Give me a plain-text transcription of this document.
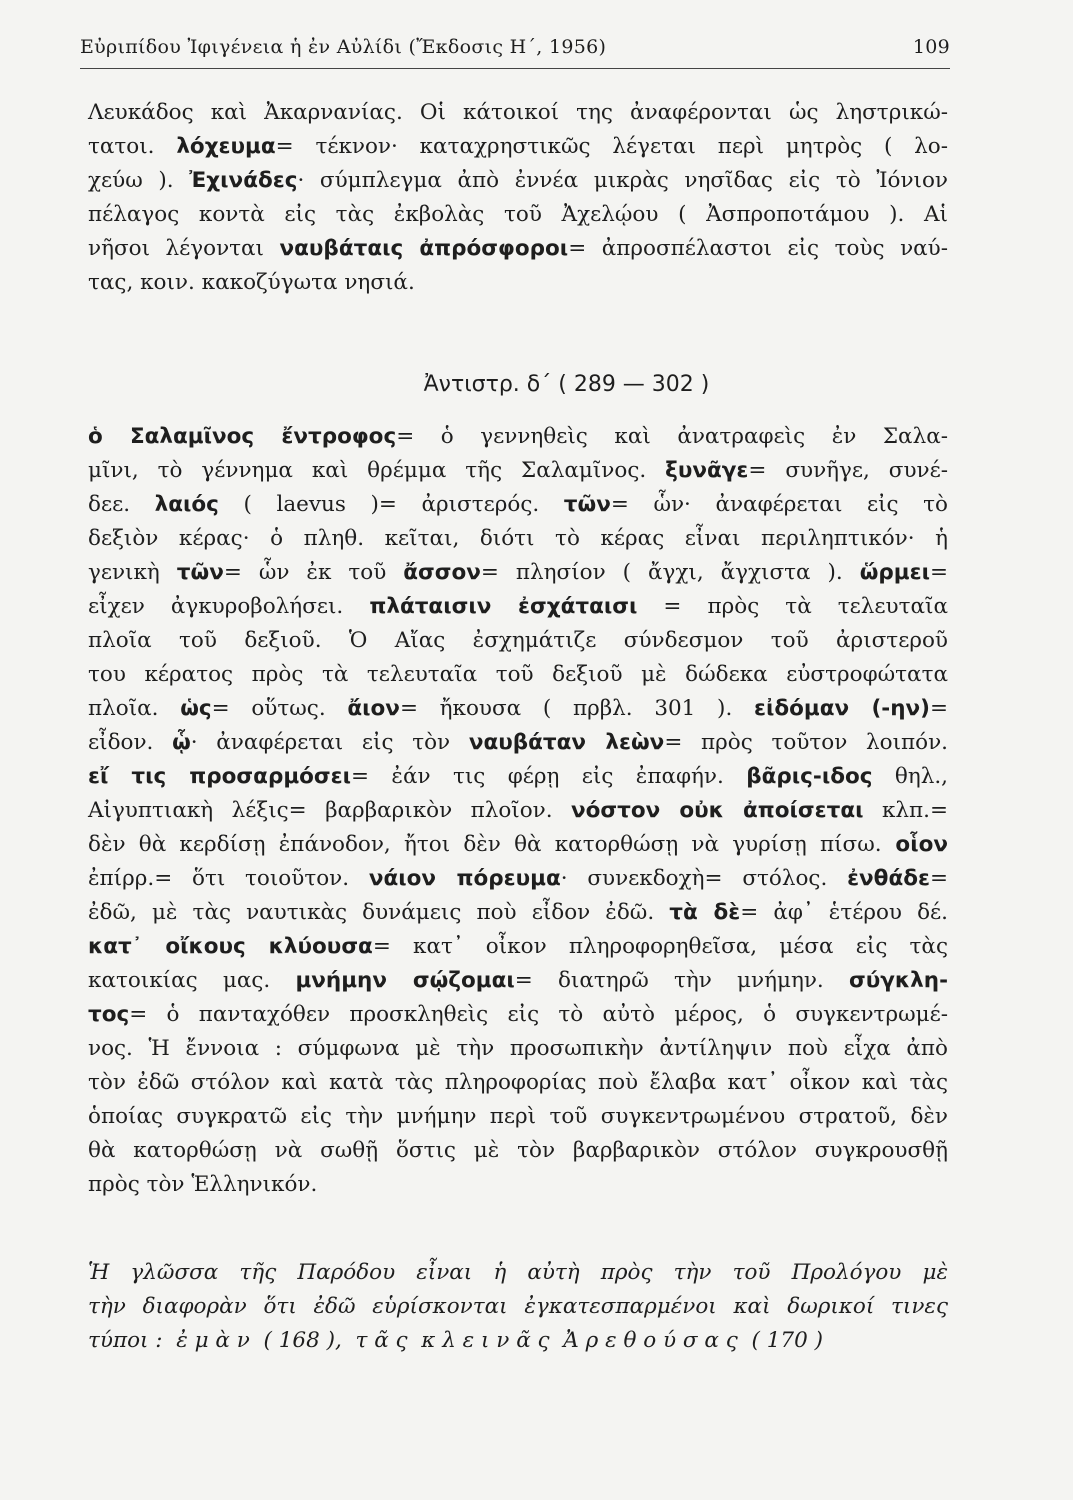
Εὐριπίδου Ἰφιγένεια ἡ ἐν Αὐλίδι (Ἔκδοσις Η΄, 1956)	109
Λευκάδος καὶ Ἀκαρνανίας. Οἱ κάτοικοί της ἀναφέρονται ὡς ληστρικώ-
τατοι. λόχευμα= τέκνον· καταχρηστικῶς λέγεται περὶ μητρὸς ( λο-
χεύω ). Ἐχινάδες· σύμπλεγμα ἀπὸ ἐννέα μικρὰς νησῖδας εἰς τὸ Ἰόνιον
πέλαγος κοντὰ εἰς τὰς ἐκβολὰς τοῦ Ἀχελῴου ( Ἀσπροποτάμου ). Αἱ
νῆσοι λέγονται ναυβάταις ἀπρόσφοροι= ἀπροσπέλαστοι εἰς τοὺς ναύ-
τας, κοιν. κακοζύγωτα νησιά.
Ἀντιστρ. δ΄ ( 289 — 302 )
ὁ Σαλαμῖνος ἔντροφος= ὁ γεννηθεὶς καὶ ἀνατραφεὶς ἐν Σαλα-
μῖνι, τὸ γέννημα καὶ θρέμμα τῆς Σαλαμῖνος. ξυνᾶγε= συνῆγε, συνέ-
δεε. λαιός ( laevus )= ἀριστερός. τῶν= ὧν· ἀναφέρεται εἰς τὸ
δεξιὸν κέρας· ὁ πληθ. κεῖται, διότι τὸ κέρας εἶναι περιληπτικόν· ἡ
γενικὴ τῶν= ὧν ἐκ τοῦ ἄσσον= πλησίον ( ἄγχι, ἄγχιστα ). ὥρμει=
εἶχεν ἀγκυροβολήσει. πλάταισιν ἐσχάταισι = πρὸς τὰ τελευταῖα
πλοῖα τοῦ δεξιοῦ. Ὁ Αἴας ἐσχημάτιζε σύνδεσμον τοῦ ἀριστεροῦ
του κέρατος πρὸς τὰ τελευταῖα τοῦ δεξιοῦ μὲ δώδεκα εὐστροφώτατα
πλοῖα. ὡς= οὕτως. ἄιον= ἤκουσα ( πρβλ. 301 ). εἰδόμαν (-ην)=
εἶδον. ᾧ· ἀναφέρεται εἰς τὸν ναυβάταν λεὼν= πρὸς τοῦτον λοιπόν.
εἴ τις προσαρμόσει= ἐάν τις φέρῃ εἰς ἐπαφήν. βᾶρις-ιδος θηλ.,
Αἰγυπτιακὴ λέξις= βαρβαρικὸν πλοῖον. νόστον οὐκ ἀποίσεται κλπ.=
δὲν θὰ κερδίσῃ ἐπάνοδον, ἤτοι δὲν θὰ κατορθώσῃ νὰ γυρίσῃ πίσω. οἷον
ἐπίρρ.= ὅτι τοιοῦτον. νάιον πόρευμα· συνεκδοχὴ= στόλος. ἐνθάδε=
ἐδῶ, μὲ τὰς ναυτικὰς δυνάμεις ποὺ εἶδον ἐδῶ. τὰ δὲ= ἀφ᾽ ἑτέρου δέ.
κατ᾽ οἴκους κλύουσα= κατ᾽ οἶκον πληροφορηθεῖσα, μέσα εἰς τὰς
κατοικίας μας. μνήμην σῴζομαι= διατηρῶ τὴν μνήμην. σύγκλη-
τος= ὁ πανταχόθεν προσκληθεὶς εἰς τὸ αὐτὸ μέρος, ὁ συγκεντρωμέ-
νος. Ἡ ἔννοια : σύμφωνα μὲ τὴν προσωπικὴν ἀντίληψιν ποὺ εἶχα ἀπὸ
τὸν ἐδῶ στόλον καὶ κατὰ τὰς πληροφορίας ποὺ ἔλαβα κατ᾽ οἶκον καὶ τὰς
ὁποίας συγκρατῶ εἰς τὴν μνήμην περὶ τοῦ συγκεντρωμένου στρατοῦ, δὲν
θὰ κατορθώσῃ νὰ σωθῇ ὅστις μὲ τὸν βαρβαρικὸν στόλον συγκρουσθῇ
πρὸς τὸν Ἑλληνικόν.
Ἡ γλῶσσα τῆς Παρόδου εἶναι ἡ αὐτὴ πρὸς τὴν τοῦ Προλόγου μὲ
τὴν διαφορὰν ὅτι ἐδῶ εὑρίσκονται ἐγκατεσπαρμένοι καὶ δωρικοί τινες
τύποι :  ἐ μ ὰ ν  ( 168 ),  τ ᾶ ς  κ λ ε ι ν ᾶ ς  Ἀ ρ ε θ ο ύ σ α ς  ( 170 )
